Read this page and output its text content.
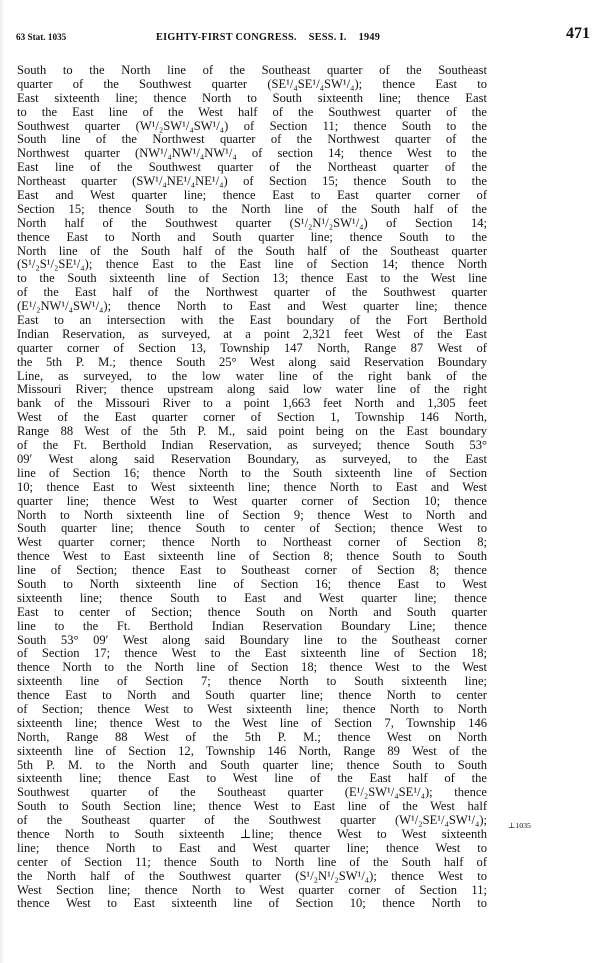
63 Stat. 1035	EIGHTY-FIRST CONGRESS. SESS. I. 1949	471
South to the North line of the Southeast quarter of the Southeast
quarter of the Southwest quarter (SE¹/₄SE¹/₄SW¹/₄); thence East to
East sixteenth line; thence North to South sixteenth line; thence East
to the East line of the West half of the Southwest quarter of the
Southwest quarter (W¹/₂SW¹/₄SW¹/₄) of Section 11; thence South to the
South line of the Northwest quarter of the Northwest quarter of the
Northwest quarter (NW¹/₄NW¹/₄NW¹/₄ of section 14; thence West to the
East line of the Southwest quarter of the Northeast quarter of the
Northeast quarter (SW¹/₄NE¹/₄NE¹/₄) of Section 15; thence South to the
East and West quarter line; thence East to East quarter corner of
Section 15; thence South to the North line of the South half of the
North half of the Southwest quarter (S¹/₂N¹/₂SW¹/₄) of Section 14;
thence East to North and South quarter line; thence South to the
North line of the South half of the South half of the Southeast quarter
(S¹/₂S¹/₂SE¹/₄); thence East to the East line of Section 14; thence North
to the South sixteenth line of Section 13; thence East to the West line
of the East half of the Northwest quarter of the Southwest quarter
(E¹/₂NW¹/₄SW¹/₄); thence North to East and West quarter line; thence
East to an intersection with the East boundary of the Fort Berthold
Indian Reservation, as surveyed, at a point 2,321 feet West of the East
quarter corner of Section 13, Township 147 North, Range 87 West of
the 5th P. M.; thence South 25° West along said Reservation Boundary
Line, as surveyed, to the low water line of the right bank of the
Missouri River; thence upstream along said low water line of the right
bank of the Missouri River to a point 1,663 feet North and 1,305 feet
West of the East quarter corner of Section 1, Township 146 North,
Range 88 West of the 5th P. M., said point being on the East boundary
of the Ft. Berthold Indian Reservation, as surveyed; thence South 53°
09′ West along said Reservation Boundary, as surveyed, to the East
line of Section 16; thence North to the South sixteenth line of Section
10; thence East to West sixteenth line; thence North to East and West
quarter line; thence West to West quarter corner of Section 10; thence
North to North sixteenth line of Section 9; thence West to North and
South quarter line; thence South to center of Section; thence West to
West quarter corner; thence North to Northeast corner of Section 8;
thence West to East sixteenth line of Section 8; thence South to South
line of Section; thence East to Southeast corner of Section 8; thence
South to North sixteenth line of Section 16; thence East to West
sixteenth line; thence South to East and West quarter line; thence
East to center of Section; thence South on North and South quarter
line to the Ft. Berthold Indian Reservation Boundary Line; thence
South 53° 09′ West along said Boundary line to the Southeast corner
of Section 17; thence West to the East sixteenth line of Section 18;
thence North to the North line of Section 18; thence West to the West
sixteenth line of Section 7; thence North to South sixteenth line;
thence East to North and South quarter line; thence North to center
of Section; thence West to West sixteenth line; thence North to North
sixteenth line; thence West to the West line of Section 7, Township 146
North, Range 88 West of the 5th P. M.; thence West on North
sixteenth line of Section 12, Township 146 North, Range 89 West of the
5th P. M. to the North and South quarter line; thence South to South
sixteenth line; thence East to West line of the East half of the
Southwest quarter of the Southeast quarter (E¹/₂SW¹/₄SE¹/₄); thence
South to South Section line; thence West to East line of the West half
of the Southeast quarter of the Southwest quarter (W¹/₂SE¹/₄SW¹/₄);
thence North to South sixteenth ⊥line; thence West to West sixteenth
line; thence North to East and West quarter line; thence West to
center of Section 11; thence South to North line of the South half of
the North half of the Southwest quarter (S¹/₂N¹/₂SW¹/₄); thence West to
West Section line; thence North to West quarter corner of Section 11;
thence West to East sixteenth line of Section 10; thence North to
⊥1035
